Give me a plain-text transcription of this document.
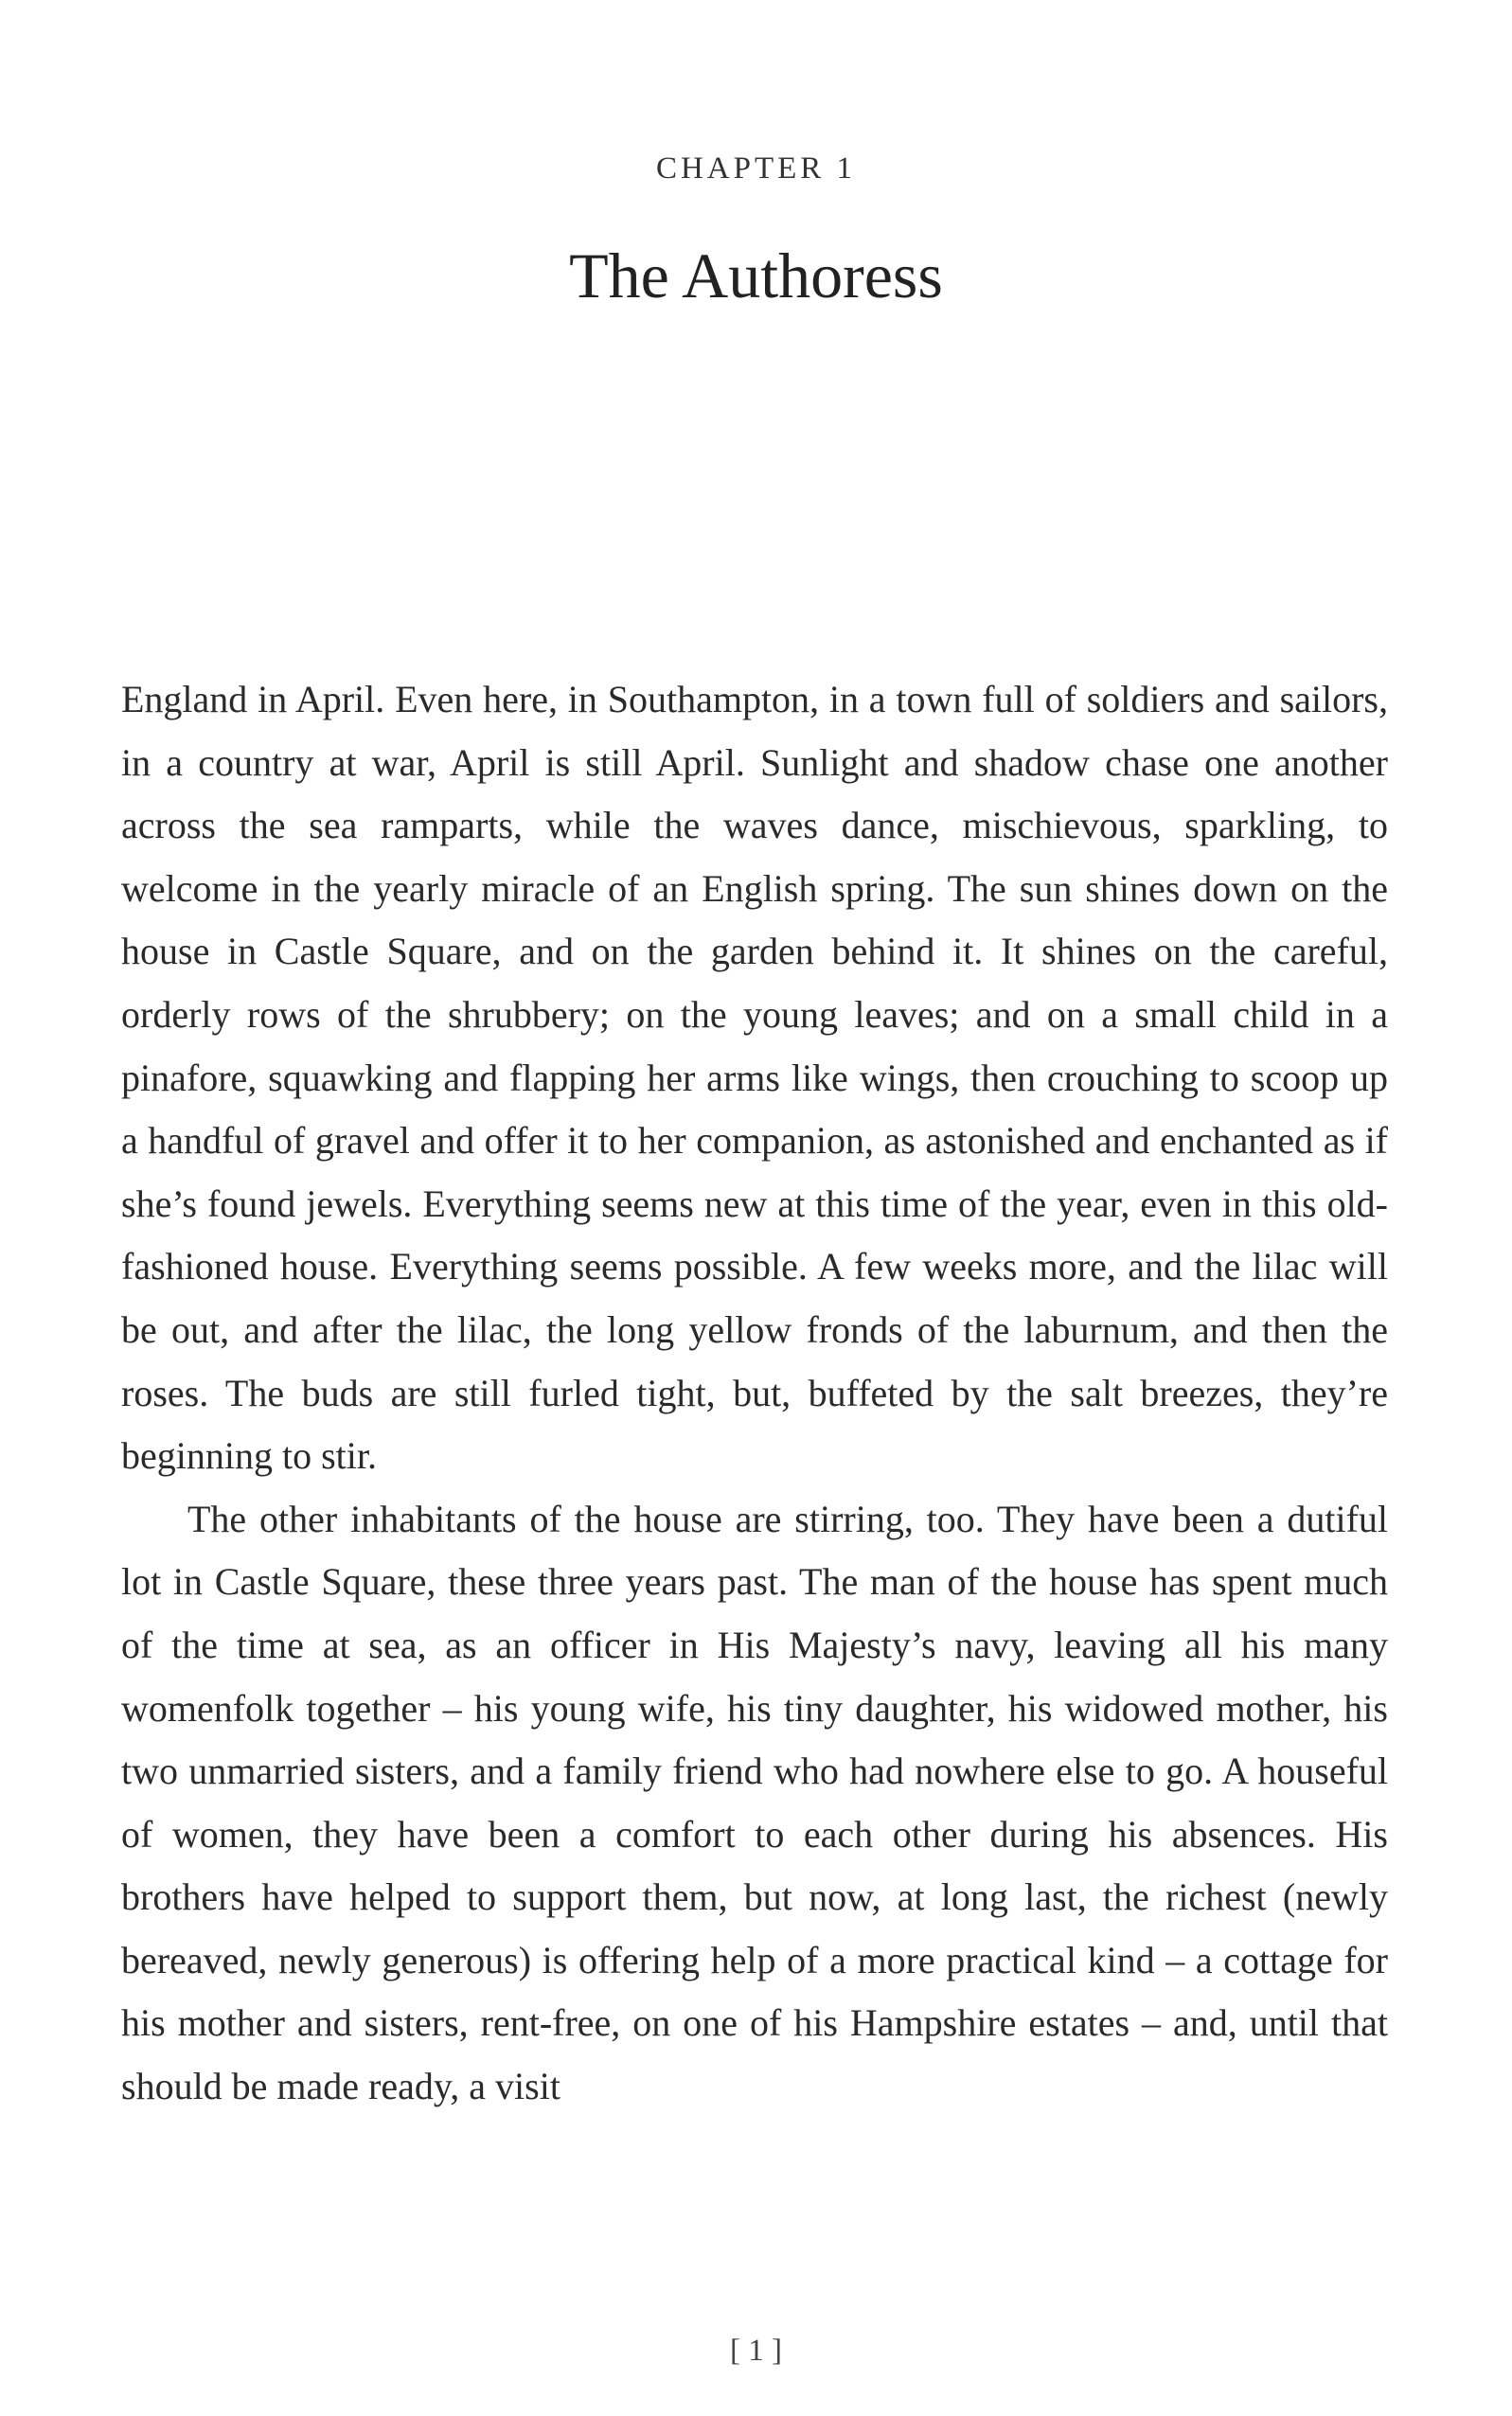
CHAPTER 1
The Authoress

England in April. Even here, in Southampton, in a town full of soldiers and sailors, in a country at war, April is still April. Sunlight and shadow chase one another across the sea ramparts, while the waves dance, mischievous, sparkling, to welcome in the yearly miracle of an English spring. The sun shines down on the house in Castle Square, and on the garden behind it. It shines on the careful, orderly rows of the shrubbery; on the young leaves; and on a small child in a pinafore, squawking and flapping her arms like wings, then crouching to scoop up a handful of gravel and offer it to her companion, as astonished and enchanted as if she’s found jewels. Everything seems new at this time of the year, even in this old-fashioned house. Everything seems possible. A few weeks more, and the lilac will be out, and after the lilac, the long yellow fronds of the laburnum, and then the roses. The buds are still furled tight, but, buffeted by the salt breezes, they’re beginning to stir.

The other inhabitants of the house are stirring, too. They have been a dutiful lot in Castle Square, these three years past. The man of the house has spent much of the time at sea, as an officer in His Majesty’s navy, leaving all his many womenfolk together – his young wife, his tiny daughter, his widowed mother, his two unmarried sisters, and a family friend who had nowhere else to go. A houseful of women, they have been a comfort to each other during his absences. His brothers have helped to support them, but now, at long last, the richest (newly bereaved, newly generous) is offering help of a more practical kind – a cottage for his mother and sisters, rent-free, on one of his Hampshire estates – and, until that should be made ready, a visit

[ 1 ]
